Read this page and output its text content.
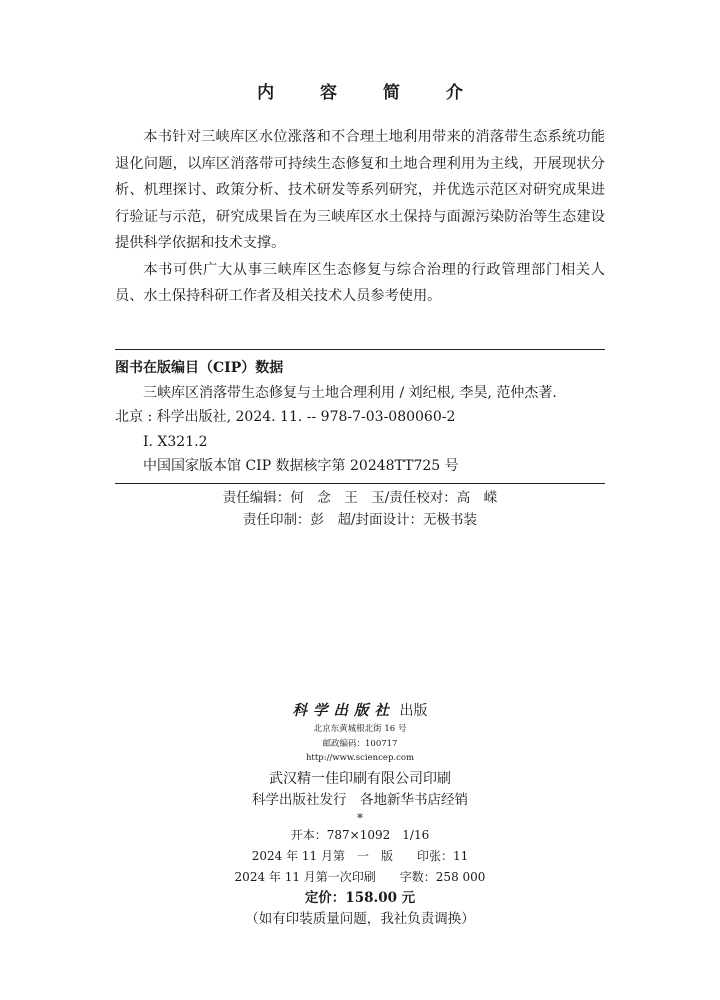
内 容 简 介

本书针对三峡库区水位涨落和不合理土地利用带来的消落带生态系统功能退化问题，以库区消落带可持续生态修复和土地合理利用为主线，开展现状分析、机理探讨、政策分析、技术研发等系列研究，并优选示范区对研究成果进行验证与示范，研究成果旨在为三峡库区水土保持与面源污染防治等生态建设提供科学依据和技术支撑。

本书可供广大从事三峡库区生态修复与综合治理的行政管理部门相关人员、水土保持科研工作者及相关技术人员参考使用。

图书在版编目（CIP）数据
三峡库区消落带生态修复与土地合理利用 / 刘纪根, 李昊, 范仲杰著.
北京 : 科学出版社, 2024. 11. -- 978-7-03-080060-2
I. X321.2
中国国家版本馆 CIP 数据核字第 20248TT725 号
责任编辑：何　念　王　玉/责任校对：高　嵘
责任印制：彭　超/封面设计：无极书装
科学出版社 出版
北京东黄城根北街 16 号
邮政编码：100717
http://www.sciencep.com
武汉精一佳印刷有限公司印刷
科学出版社发行　各地新华书店经销
*
开本：787×1092　1/16
2024 年 11 月第　一　版　　印张：11
2024 年 11 月第一次印刷　　字数：258 000
定价：158.00 元
（如有印装质量问题，我社负责调换）
